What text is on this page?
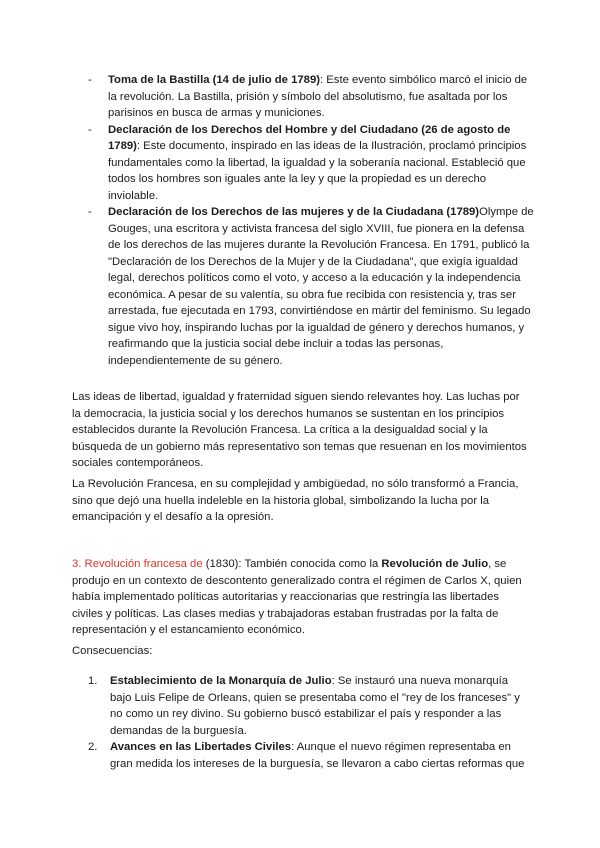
- Toma de la Bastilla (14 de julio de 1789): Este evento simbólico marcó el inicio de la revolución. La Bastilla, prisión y símbolo del absolutismo, fue asaltada por los parisinos en busca de armas y municiones.

- Declaración de los Derechos del Hombre y del Ciudadano (26 de agosto de 1789): Este documento, inspirado en las ideas de la Ilustración, proclamó principios fundamentales como la libertad, la igualdad y la soberanía nacional. Estableció que todos los hombres son iguales ante la ley y que la propiedad es un derecho inviolable.

- Declaración de los Derechos de las mujeres y de la Ciudadana (1789)Olympe de Gouges, una escritora y activista francesa del siglo XVIII, fue pionera en la defensa de los derechos de las mujeres durante la Revolución Francesa. En 1791, publicó la "Declaración de los Derechos de la Mujer y de la Ciudadana", que exigía igualdad legal, derechos políticos como el voto, y acceso a la educación y la independencia económica. A pesar de su valentía, su obra fue recibida con resistencia y, tras ser arrestada, fue ejecutada en 1793, convirtiéndose en mártir del feminismo. Su legado sigue vivo hoy, inspirando luchas por la igualdad de género y derechos humanos, y reafirmando que la justicia social debe incluir a todas las personas, independientemente de su género.

Las ideas de libertad, igualdad y fraternidad siguen siendo relevantes hoy. Las luchas por la democracia, la justicia social y los derechos humanos se sustentan en los principios establecidos durante la Revolución Francesa. La crítica a la desigualdad social y la búsqueda de un gobierno más representativo son temas que resuenan en los movimientos sociales contemporáneos.

La Revolución Francesa, en su complejidad y ambigüedad, no sólo transformó a Francia, sino que dejó una huella indeleble en la historia global, simbolizando la lucha por la emancipación y el desafío a la opresión.

3. Revolución francesa de (1830): También conocida como la Revolución de Julio, se produjo en un contexto de descontento generalizado contra el régimen de Carlos X, quien había implementado políticas autoritarias y reaccionarias que restringía las libertades civiles y políticas. Las clases medias y trabajadoras estaban frustradas por la falta de representación y el estancamiento económico.

Consecuencias:

1. Establecimiento de la Monarquía de Julio: Se instauró una nueva monarquía bajo Luis Felipe de Orleans, quien se presentaba como el "rey de los franceses" y no como un rey divino. Su gobierno buscó estabilizar el país y responder a las demandas de la burguesía.

2. Avances en las Libertades Civiles: Aunque el nuevo régimen representaba en gran medida los intereses de la burguesía, se llevaron a cabo ciertas reformas que
